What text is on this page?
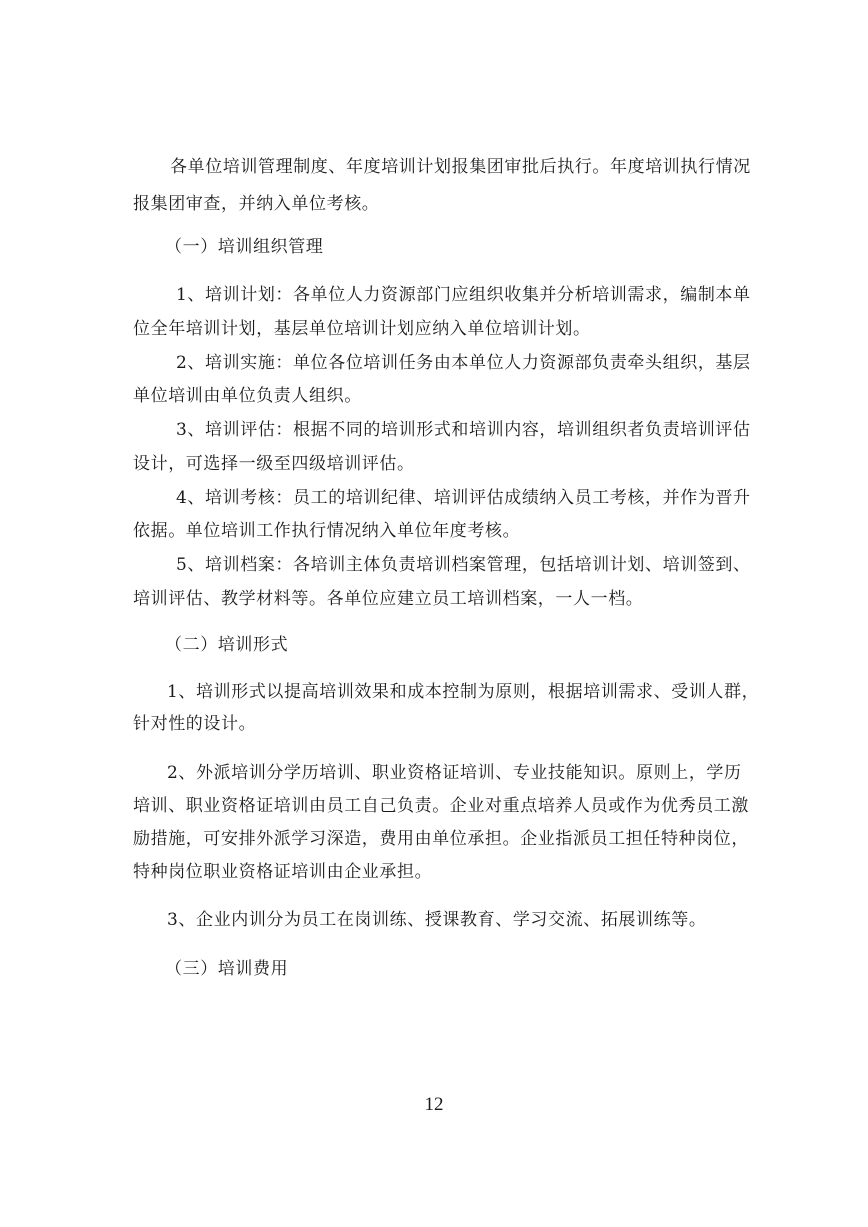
各单位培训管理制度、年度培训计划报集团审批后执行。年度培训执行情况
报集团审查，并纳入单位考核。
（一）培训组织管理
1、培训计划：各单位人力资源部门应组织收集并分析培训需求，编制本单
位全年培训计划，基层单位培训计划应纳入单位培训计划。
2、培训实施：单位各位培训任务由本单位人力资源部负责牵头组织，基层
单位培训由单位负责人组织。
3、培训评估：根据不同的培训形式和培训内容，培训组织者负责培训评估
设计，可选择一级至四级培训评估。
4、培训考核：员工的培训纪律、培训评估成绩纳入员工考核，并作为晋升
依据。单位培训工作执行情况纳入单位年度考核。
5、培训档案：各培训主体负责培训档案管理，包括培训计划、培训签到、
培训评估、教学材料等。各单位应建立员工培训档案，一人一档。
（二）培训形式
1、培训形式以提高培训效果和成本控制为原则，根据培训需求、受训人群，
针对性的设计。
2、外派培训分学历培训、职业资格证培训、专业技能知识。原则上，学历
培训、职业资格证培训由员工自己负责。企业对重点培养人员或作为优秀员工激
励措施，可安排外派学习深造，费用由单位承担。企业指派员工担任特种岗位，
特种岗位职业资格证培训由企业承担。
3、企业内训分为员工在岗训练、授课教育、学习交流、拓展训练等。
（三）培训费用
12
